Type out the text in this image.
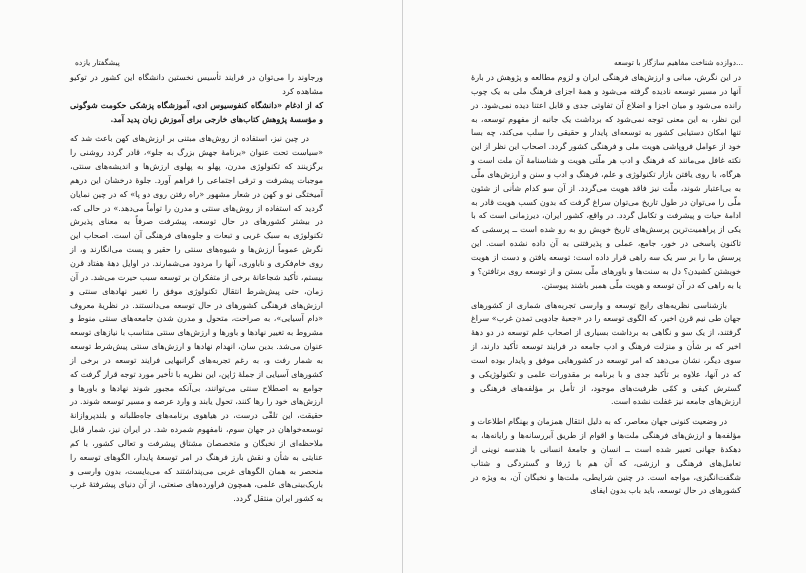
پیشگفتار یازده

ورجاوند را می‌توان در فرایند تأسیس نخستین دانشگاه این کشور در توکیو مشاهده کرد

که از ادغام «دانشگاه کنفوسیوس ادی، آموزشگاه پزشکی حکومت شوگونی و مؤسسهٔ پژوهش کتاب‌های خارجی برای آموزش زبان پدید آمد.

در چین نیز، استفاده از روش‌های مبتنی بر ارزش‌های کهن باعث شد که «سیاست تحت عنوان «برنامهٔ جهش بزرگ به جلو»، قادر گردد روشنی را برگزینند که تکنولوژی مدرن، پهلو به پهلوی ارزش‌ها و اندیشه‌های سنتی، موجبات پیشرفت و ترقی اجتماعی را فراهم آورد. جلوهٔ درخشان این درهم آمیختگی نو و کهن در شعار مشهور «راه رفتن روی دو پا» که در چین نمایان گردید که استفاده از روش‌های سنتی و مدرن را توأماً می‌دهد.» در حالی که، در بیشتر کشورهای در حال توسعه، پیشرفت صرفاً به معنای پذیرش تکنولوژی به سبک غربی و تبعات و جلوه‌های فرهنگی آن است. اصحاب این نگرش عموماً ارزش‌ها و شیوه‌های سنتی را حقیر و پست می‌انگارند و، از روی خام‌فکری و ناباوری، آنها را مردود می‌شمارند. در اوایل دههٔ هفتاد قرن بیستم، تأکید شجاعانهٔ برخی از متفکران بر توسعه سبب حیرت می‌شد. در آن زمان، حتی پیش‌شرط انتقال تکنولوژی موفق را تغییر نهادهای سنتی و ارزش‌های فرهنگی کشورهای در حال توسعه می‌دانستند. در نظریهٔ معروف «دام آسیایی»، به صراحت، متحول و مدرن شدن جامعه‌های سنتی منوط و مشروط به تغییر نهادها و باورها و ارزش‌های سنتی متناسب با نیازهای توسعه عنوان می‌شد. بدین سان، انهدام نهادها و ارزش‌های سنتی پیش‌شرط توسعه به شمار رفت و، به رغم تجربه‌های گرانبهایی فرایند توسعه در برخی از کشورهای آسیایی از جملهٔ ژاپن، این نظریه با تأخیر مورد توجه قرار گرفت که جوامع به اصطلاح سنتی می‌توانند، بی‌آنکه مجبور شوند نهادها و باورها و ارزش‌های خود را رها کنند، تحول یابند و وارد عرصه و مسیر توسعه شوند. در حقیقت، این تلقّی درست، در هیاهوی برنامه‌های جاه‌طلبانه و بلندپروازانهٔ توسعه‌خواهان در جهان سوم، نامفهوم شمرده شد. در ایران نیز، شمار قابل ملاحظه‌ای از نخبگان و متخصصان مشتاق پیشرفت و تعالی کشور، با کم عنایتی به شأن و نقش بارز فرهنگ در امر توسعهٔ پایدار، الگوهای توسعه را منحصر به همان الگوهای غربی می‌پنداشتند که می‌بایست، بدون وارسی و باریک‌بینی‌های علمی، همچون فراورده‌های صنعتی، از آن دنیای پیشرفتهٔ غرب به کشور ایران منتقل گردد.

دوازده شناخت مفاهیم سازگار با توسعه...

در این نگرش، مبانی و ارزش‌های فرهنگی ایران و لزوم مطالعه و پژوهش در بارهٔ آنها در مسیر توسعه نادیده گرفته می‌شود و همهٔ اجزای فرهنگ ملی به یک چوب رانده می‌شود و میان اجزا و اضلاع آن تفاوتی جدی و قابل اعتنا دیده نمی‌شود. در این نظر، به این معنی توجه نمی‌شود که برداشت یک جانبه از مفهوم توسعه، به تنها امکان دستیابی کشور به توسعه‌ای پایدار و حقیقی را سلب می‌کند، چه بسا خود از عوامل فروپاشی هویت ملی و فرهنگی کشور گردد. اصحاب این نظر از این نکته غافل می‌مانند که فرهنگ و ادب هر ملّتی هویت و شناسنامهٔ آن ملت است و هرگاه، با روی یافتن بازار تکنولوژی و علم، فرهنگ و ادب و سنن و ارزش‌های ملّی به بی‌اعتبار شوند، ملّت نیز فاقد هویت می‌گردد. از آن سو کدام شأنی از شئون ملّی را می‌توان در طول تاریخ می‌توان سراغ گرفت که بدون کسب هویت قادر به ادامهٔ حیات و پیشرفت و تکامل گردد. در واقع، کشور ایران، دیرزمانی است که با یکی از پراهمیت‌ترین پرسش‌های تاریخ خویش رو به رو شده است ــ پرسشی که تاکنون پاسخی در خور، جامع، عملی و پذیرفتنی به آن داده نشده است. این پرسش ما را بر سر یک سه راهی قرار داده است: توسعه یافتن و دست از هویت خویشتن کشیدن؟ دل به سنت‌ها و باورهای ملّی بستن و از توسعه روی برتافتن؟ و یا به راهی که در آن توسعه و هویت ملّی همبر باشند پیوستن.

بازشناسی نظریه‌های رایج توسعه و وارسی تجربه‌های شماری از کشورهای جهان طی نیم قرن اخیر، که الگوی توسعه را در «جعبهٔ جادویی تمدن غرب» سراغ گرفتند، از یک سو و نگاهی به برداشت بسیاری از اصحاب علم توسعه در دو دههٔ اخیر که بر شأن و منزلت فرهنگ و ادب جامعه در فرایند توسعه تأکید دارند، از سوی دیگر، نشان می‌دهد که امر توسعه در کشورهایی موفق و پایدار بوده است که در آنها، علاوه بر تأکید جدی و با برنامه بر مقدورات علمی و تکنولوژیکی و گسترش کیفی و کمّی ظرفیت‌های موجود، از تأمل بر مؤلفه‌های فرهنگی و ارزش‌های جامعه نیز غفلت نشده است.

در وضعیت کنونی جهان معاصر، که به دلیل انتقال همزمان و بهنگام اطلاعات و مؤلفه‌ها و ارزش‌های فرهنگی ملت‌ها و اقوام از طریق آبررسانه‌ها و رایانه‌ها، به دهکدهٔ جهانی تعبیر شده است ــ انسان و جامعهٔ انسانی با هندسه نوینی از تعامل‌های فرهنگی و ارزشی، که آن هم با ژرفا و گستردگی و شتاب شگفت‌انگیزی، مواجه است. در چنین شرایطی، ملت‌ها و نخبگان آن، به ویژه در کشورهای در حال توسعه، باید باب بدون ایفای
